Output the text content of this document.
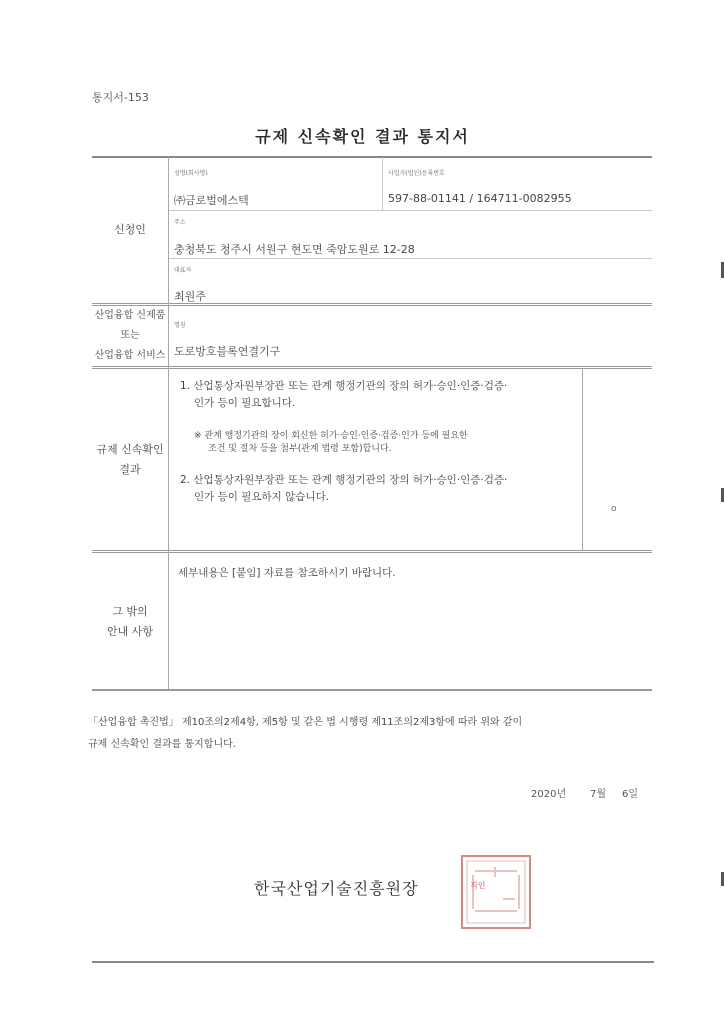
통지서-153
규제 신속확인 결과 통지서
신청인
성명(회사명)
㈜금로벌에스텍
사업자(법인)등록번호
597-88-01141 / 164711-0082955
주소
충청북도 청주시 서원구 현도면 죽암도원로 12-28
대표자
최원주
산업융합 신제품
또는
산업융합 서비스
명칭
도로방호블록연결기구
규제 신속확인
결과
1. 산업통상자원부장관 또는 관계 행정기관의 장의 허가·승인·인증·검증·
인가 등이 필요합니다.
※ 관계 행정기관의 장이 회신한 허가·승인·인증·검증·인가 등에 필요한
조건 및 절차 등을 첨부(관계 법령 포함)합니다.
2. 산업통상자원부장관 또는 관계 행정기관의 장의 허가·승인·인증·검증·
인가 등이 필요하지 않습니다.
o
그 밖의
안내 사항
세부내용은 [붙임] 자료를 참조하시기 바랍니다.
「산업융합 촉진법」 제10조의2제4항, 제5항 및 같은 법 시행령 제11조의2제3항에 따라 위와 같이
규제 신속확인 결과를 통지합니다.
2020년 7월 6일
한국산업기술진흥원장	직인
